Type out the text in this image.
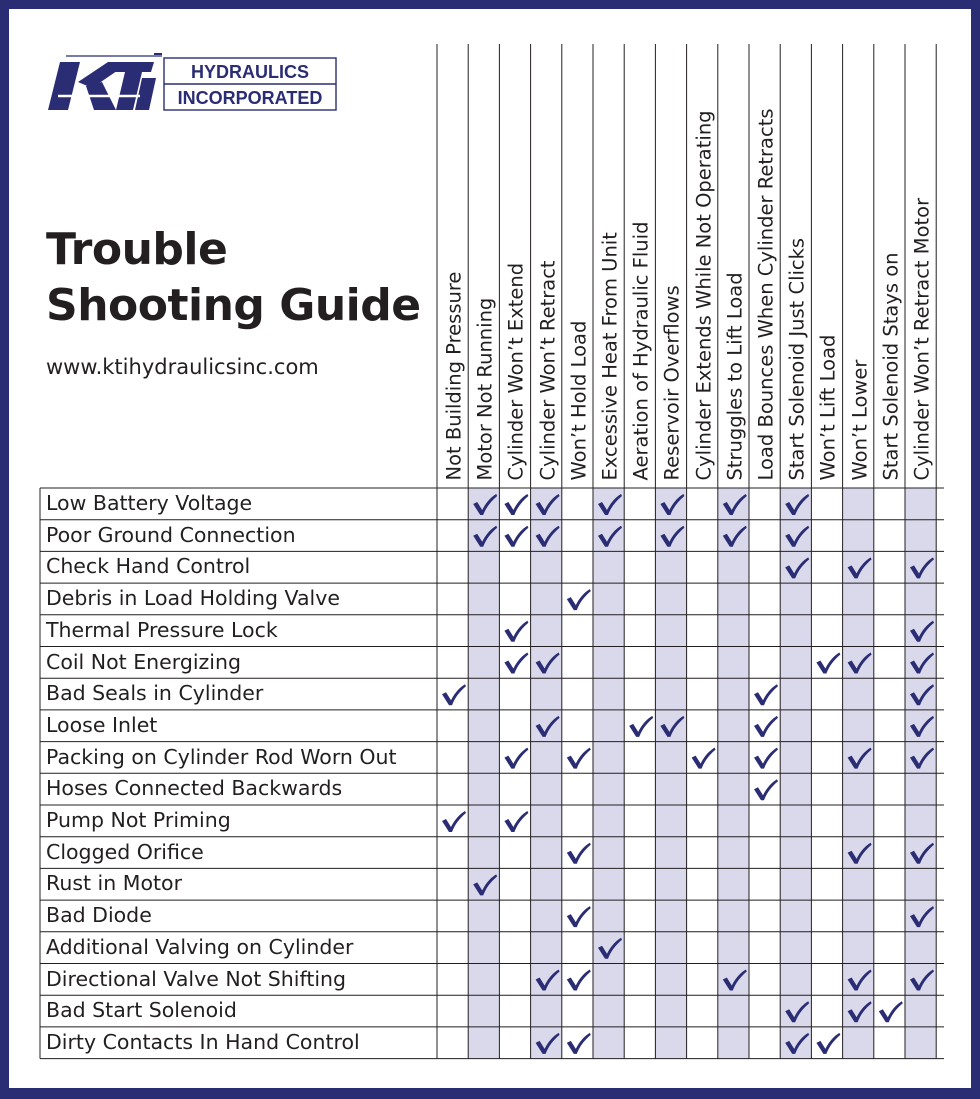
HYDRAULICS
INCORPORATED
Trouble
Shooting Guide
www.ktihydraulicsinc.com	Not Building Pressure Motor Not Running Cylinder Won’t Extend Cylinder Won’t Retract Won’t Hold Load Excessive Heat From Unit Aeration of Hydraulic Fluid Reservoir Overflows Cylinder Extends While Not Operating Struggles to Lift Load Load Bounces When Cylinder Retracts Start Solenoid Just Clicks Won’t Lift Load Won’t Lower Start Solenoid Stays on Cylinder Won’t Retract Motor
Low Battery Voltage
Poor Ground Connection
Check Hand Control
Debris in Load Holding Valve
Thermal Pressure Lock
Coil Not Energizing
Bad Seals in Cylinder
Loose Inlet
Packing on Cylinder Rod Worn Out
Hoses Connected Backwards
Pump Not Priming
Clogged Orifice
Rust in Motor
Bad Diode
Additional Valving on Cylinder
Directional Valve Not Shifting
Bad Start Solenoid
Dirty Contacts In Hand Control
